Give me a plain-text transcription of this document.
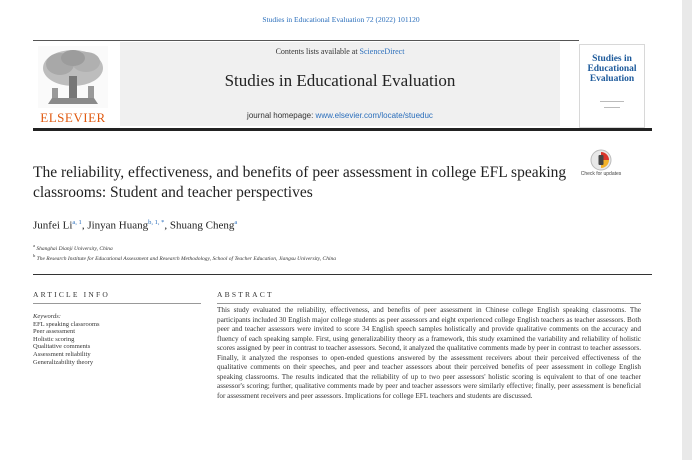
Studies in Educational Evaluation 72 (2022) 101120
ELSEVIER
Contents lists available at ScienceDirect
Studies in Educational Evaluation
journal homepage: www.elsevier.com/locate/stueduc
Studies in Educational Evaluation
Check for updates
The reliability, effectiveness, and benefits of peer assessment in college EFL speaking classrooms: Student and teacher perspectives
Junfei Li$^{a, 1}$, Jinyan Huang$^{b, 1, *}$, Shuang Cheng$^a$
$^a$ Shanghai Dianji University, China
$^b$ The Research Institute for Educational Assessment and Research Methodology, School of Teacher Education, Jiangsu University, China
ARTICLE INFO	ABSTRACT
Keywords:
EFL speaking classrooms
Peer assessment
Holistic scoring
Qualitative comments
Assessment reliability
Generalizability theory
This study evaluated the reliability, effectiveness, and benefits of peer assessment in Chinese college English speaking classrooms. The participants included 30 English major college students as peer assessors and eight experienced college English teachers as teacher assessors. Both peer and teacher assessors were invited to score 34 English speech samples holistically and provide qualitative comments on the accuracy and fluency of each speaking sample. First, using generalizability theory as a framework, this study examined the variability and reliability of holistic scores assigned by peer in contrast to teacher assessors. Second, it analyzed the qualitative comments made by peer in contrast to teacher assessors. Finally, it analyzed the responses to open-ended questions answered by the assessment receivers about their perceived effectiveness of the qualitative comments on their speeches, and peer and teacher assessors about their perceived benefits of peer assessment in college English speaking classrooms. The results indicated that the reliability of up to two peer assessors' holistic scoring is equivalent to that of one teacher assessor's scoring; further, qualitative comments made by peer and teacher assessors were similarly effective; finally, peer assessment is beneficial for assessment receivers and peer assessors. Implications for college EFL teachers and students are discussed.
